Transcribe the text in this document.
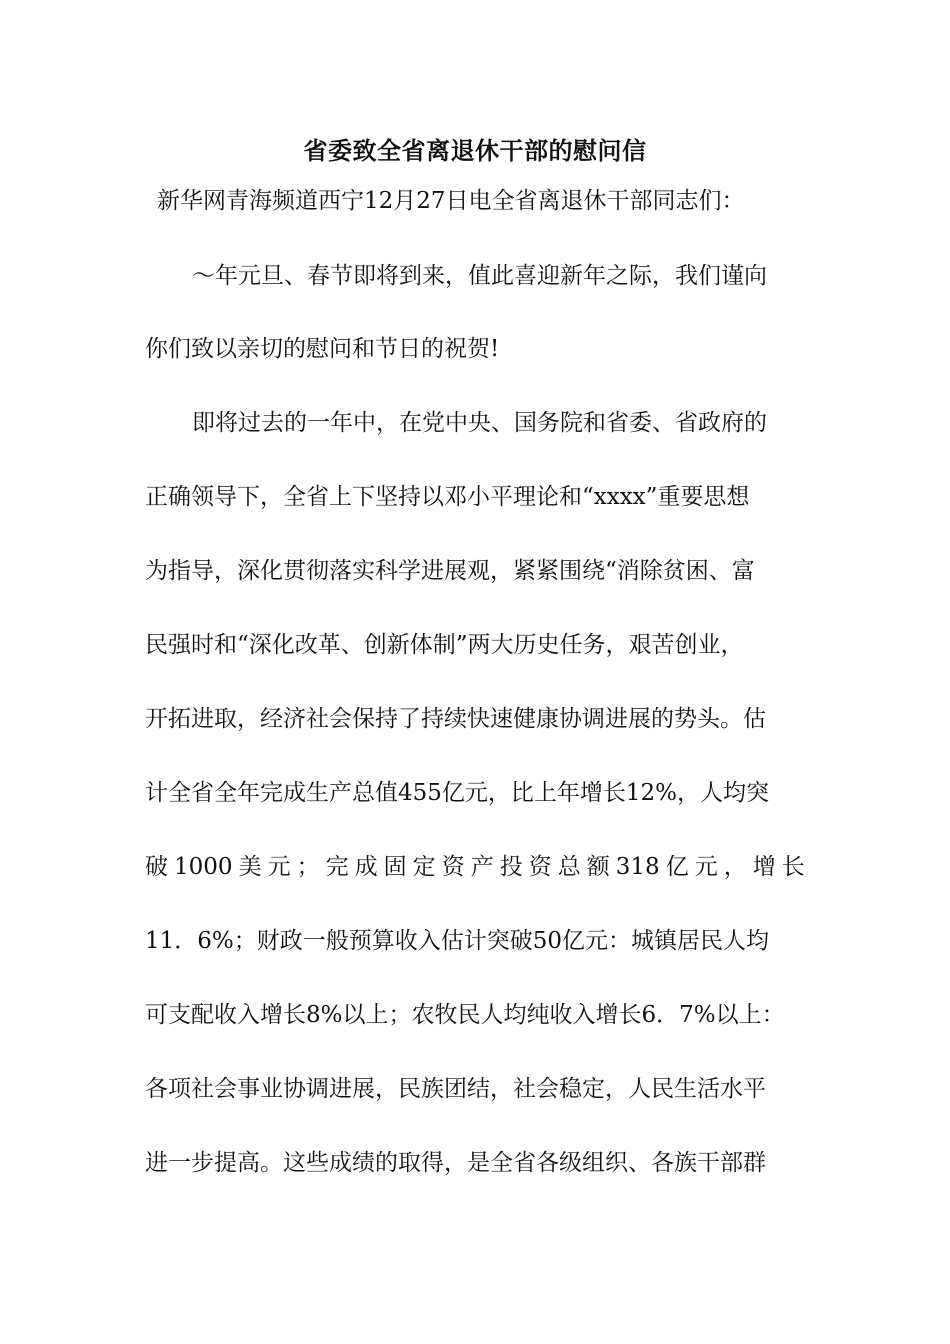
省委致全省离退休干部的慰问信
新华网青海频道西宁12月27日电全省离退休干部同志们：
～年元旦、春节即将到来，值此喜迎新年之际，我们谨向
你们致以亲切的慰问和节日的祝贺!
即将过去的一年中，在党中央、国务院和省委、省政府的
正确领导下，全省上下坚持以邓小平理论和“xxxx”重要思想
为指导，深化贯彻落实科学进展观，紧紧围绕“消除贫困、富
民强时和“深化改革、创新体制”两大历史任务，艰苦创业，
开拓进取，经济社会保持了持续快速健康协调进展的势头。估
计全省全年完成生产总值455亿元，比上年增长12%，人均突
破 1000 美 元 ； 完 成 固 定 资 产 投 资 总 额 318 亿 元 ， 增 长
11．6%；财政一般预算收入估计突破50亿元：城镇居民人均
可支配收入增长8%以上；农牧民人均纯收入增长6．7%以上：
各项社会事业协调进展，民族团结，社会稳定，人民生活水平
进一步提高。这些成绩的取得，是全省各级组织、各族干部群
